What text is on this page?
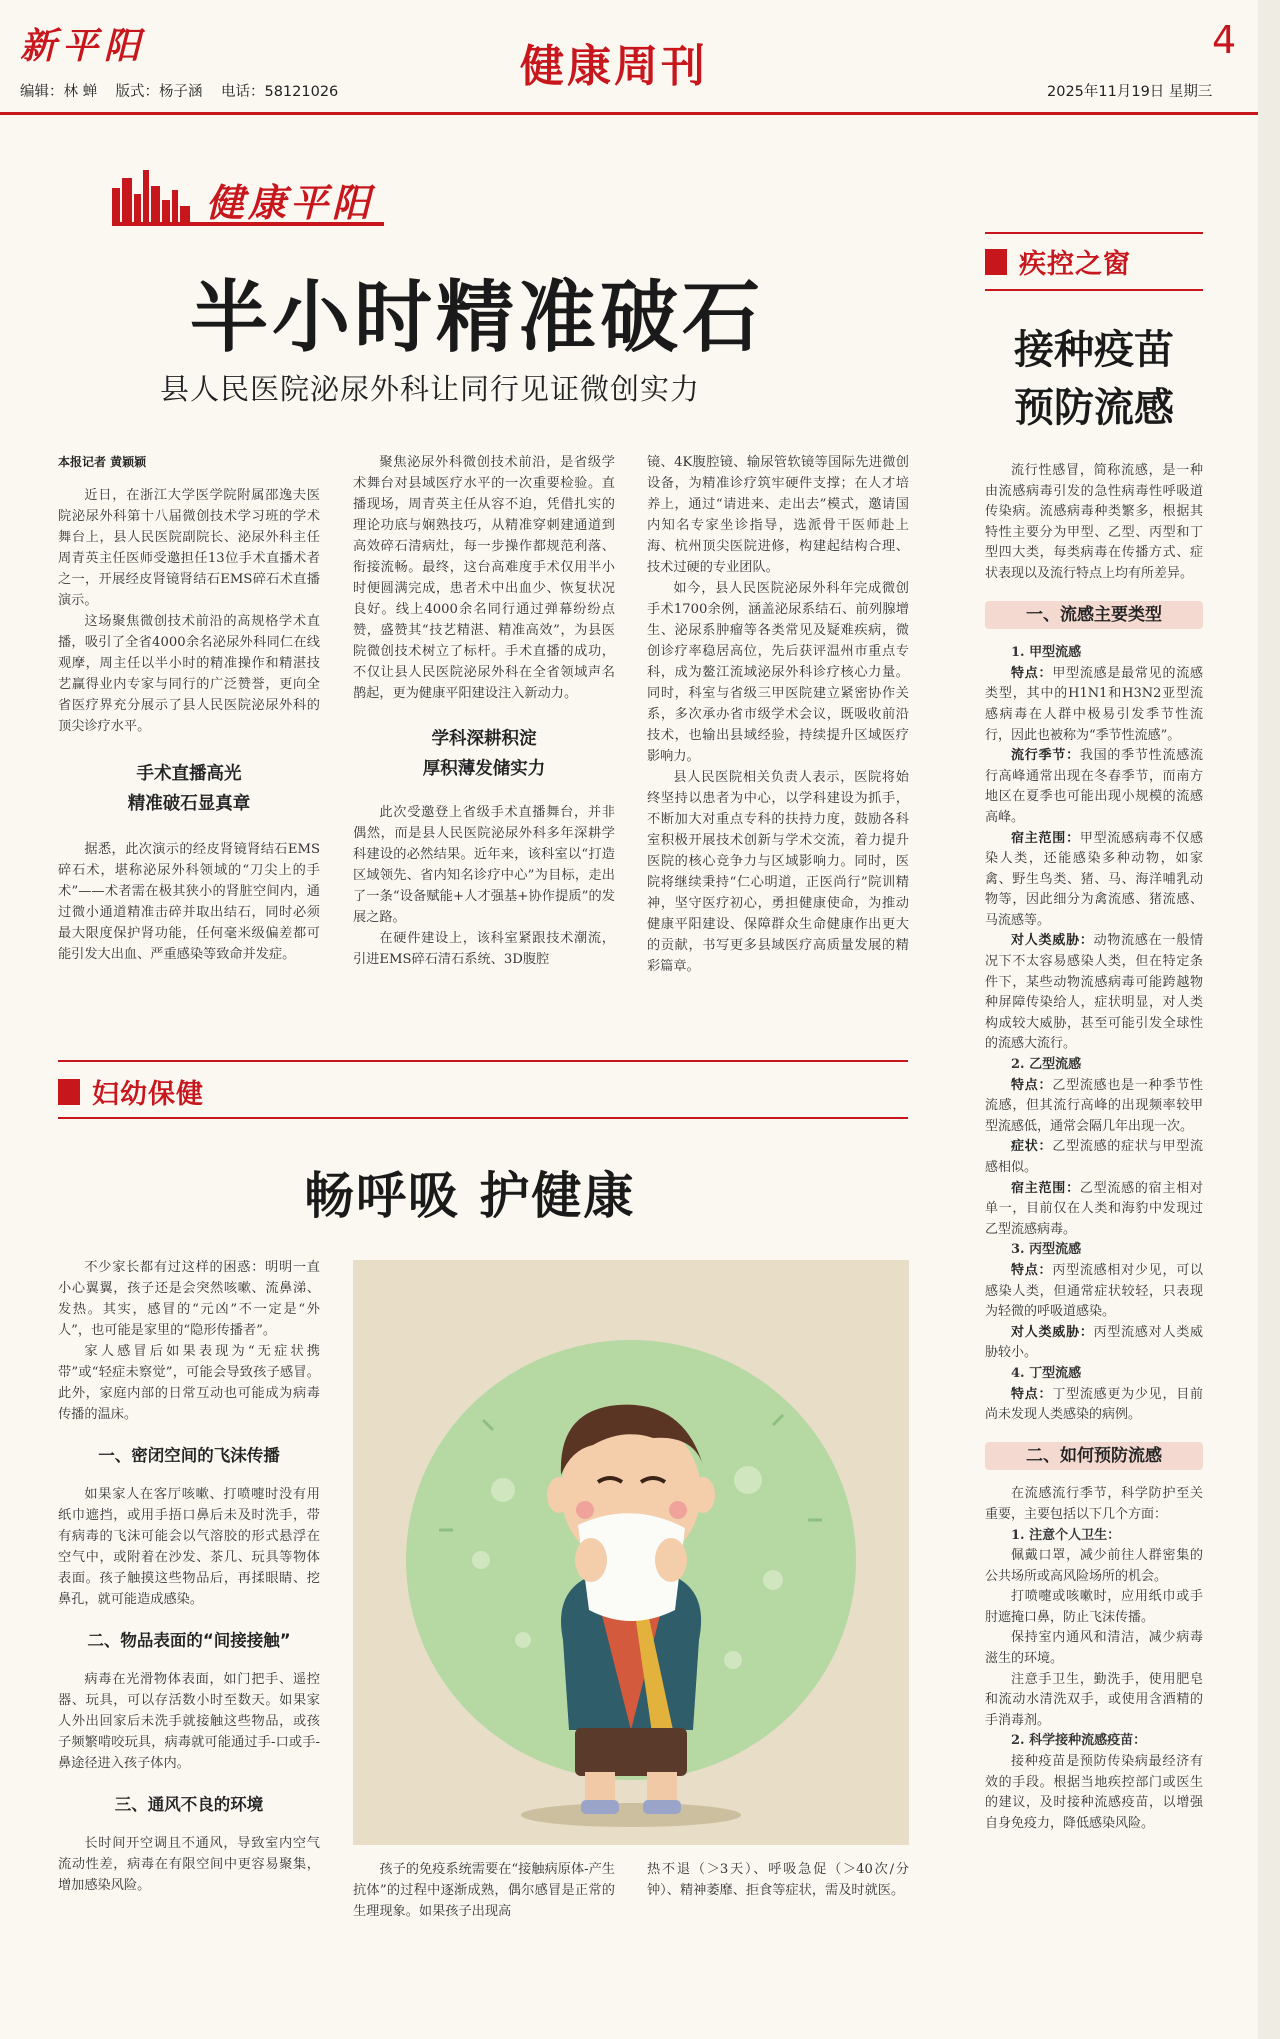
新平阳
编辑：林 蝉 版式：杨子涵 电话：58121026	健康周刊
4
2025年11月19日 星期三
健康平阳
半小时精准破石
县人民医院泌尿外科让同行见证微创实力

本报记者 黄颖颖

近日，在浙江大学医学院附属邵逸夫医院泌尿外科第十八届微创技术学习班的学术舞台上，县人民医院副院长、泌尿外科主任周青英主任医师受邀担任13位手术直播术者之一，开展经皮肾镜肾结石EMS碎石术直播演示。

这场聚焦微创技术前沿的高规格学术直播，吸引了全省4000余名泌尿外科同仁在线观摩，周主任以半小时的精准操作和精湛技艺赢得业内专家与同行的广泛赞誉，更向全省医疗界充分展示了县人民医院泌尿外科的顶尖诊疗水平。

手术直播高光
精准破石显真章

据悉，此次演示的经皮肾镜肾结石EMS碎石术，堪称泌尿外科领域的“刀尖上的手术”——术者需在极其狭小的肾脏空间内，通过微小通道精准击碎并取出结石，同时必须最大限度保护肾功能，任何毫米级偏差都可能引发大出血、严重感染等致命并发症。

聚焦泌尿外科微创技术前沿，是省级学术舞台对县域医疗水平的一次重要检验。直播现场，周青英主任从容不迫，凭借扎实的理论功底与娴熟技巧，从精准穿刺建通道到高效碎石清病灶，每一步操作都规范利落、衔接流畅。最终，这台高难度手术仅用半小时便圆满完成，患者术中出血少、恢复状况良好。线上4000余名同行通过弹幕纷纷点赞，盛赞其“技艺精湛、精准高效”，为县医院微创技术树立了标杆。手术直播的成功，不仅让县人民医院泌尿外科在全省领域声名鹊起，更为健康平阳建设注入新动力。

学科深耕积淀
厚积薄发储实力

此次受邀登上省级手术直播舞台，并非偶然，而是县人民医院泌尿外科多年深耕学科建设的必然结果。近年来，该科室以“打造区域领先、省内知名诊疗中心”为目标，走出了一条“设备赋能+人才强基+协作提质”的发展之路。

在硬件建设上，该科室紧跟技术潮流，引进EMS碎石清石系统、3D腹腔

镜、4K腹腔镜、输尿管软镜等国际先进微创设备，为精准诊疗筑牢硬件支撑；在人才培养上，通过“请进来、走出去”模式，邀请国内知名专家坐诊指导，选派骨干医师赴上海、杭州顶尖医院进修，构建起结构合理、技术过硬的专业团队。

如今，县人民医院泌尿外科年完成微创手术1700余例，涵盖泌尿系结石、前列腺增生、泌尿系肿瘤等各类常见及疑难疾病，微创诊疗率稳居高位，先后获评温州市重点专科，成为鳌江流域泌尿外科诊疗核心力量。同时，科室与省级三甲医院建立紧密协作关系，多次承办省市级学术会议，既吸收前沿技术，也输出县域经验，持续提升区域医疗影响力。

县人民医院相关负责人表示，医院将始终坚持以患者为中心，以学科建设为抓手，不断加大对重点专科的扶持力度，鼓励各科室积极开展技术创新与学术交流，着力提升医院的核心竞争力与区域影响力。同时，医院将继续秉持“仁心明道，正医尚行”院训精神，坚守医疗初心，勇担健康使命，为推动健康平阳建设、保障群众生命健康作出更大的贡献，书写更多县域医疗高质量发展的精彩篇章。

妇幼保健
畅呼吸 护健康

不少家长都有过这样的困惑：明明一直小心翼翼，孩子还是会突然咳嗽、流鼻涕、发热。其实，感冒的“元凶”不一定是“外人”，也可能是家里的“隐形传播者”。

家人感冒后如果表现为“无症状携带”或“轻症未察觉”，可能会导致孩子感冒。此外，家庭内部的日常互动也可能成为病毒传播的温床。

一、密闭空间的飞沫传播

如果家人在客厅咳嗽、打喷嚏时没有用纸巾遮挡，或用手捂口鼻后未及时洗手，带有病毒的飞沫可能会以气溶胶的形式悬浮在空气中，或附着在沙发、茶几、玩具等物体表面。孩子触摸这些物品后，再揉眼睛、挖鼻孔，就可能造成感染。

二、物品表面的“间接接触”

病毒在光滑物体表面，如门把手、遥控器、玩具，可以存活数小时至数天。如果家人外出回家后未洗手就接触这些物品，或孩子频繁啃咬玩具，病毒就可能通过手-口或手-鼻途径进入孩子体内。

三、通风不良的环境

长时间开空调且不通风，导致室内空气流动性差，病毒在有限空间中更容易聚集，增加感染风险。

孩子的免疫系统需要在“接触病原体-产生抗体”的过程中逐渐成熟，偶尔感冒是正常的生理现象。如果孩子出现高

热不退（＞3天）、呼吸急促（＞40次/分钟）、精神萎靡、拒食等症状，需及时就医。

疾控之窗
接种疫苗
预防流感

流行性感冒，简称流感，是一种由流感病毒引发的急性病毒性呼吸道传染病。流感病毒种类繁多，根据其特性主要分为甲型、乙型、丙型和丁型四大类，每类病毒在传播方式、症状表现以及流行特点上均有所差异。

一、流感主要类型

1. 甲型流感

特点：甲型流感是最常见的流感类型，其中的H1N1和H3N2亚型流感病毒在人群中极易引发季节性流行，因此也被称为“季节性流感”。

流行季节：我国的季节性流感流行高峰通常出现在冬春季节，而南方地区在夏季也可能出现小规模的流感高峰。

宿主范围：甲型流感病毒不仅感染人类，还能感染多种动物，如家禽、野生鸟类、猪、马、海洋哺乳动物等，因此细分为禽流感、猪流感、马流感等。

对人类威胁：动物流感在一般情况下不太容易感染人类，但在特定条件下，某些动物流感病毒可能跨越物种屏障传染给人，症状明显，对人类构成较大威胁，甚至可能引发全球性的流感大流行。

2. 乙型流感

特点：乙型流感也是一种季节性流感，但其流行高峰的出现频率较甲型流感低，通常会隔几年出现一次。

症状：乙型流感的症状与甲型流感相似。

宿主范围：乙型流感的宿主相对单一，目前仅在人类和海豹中发现过乙型流感病毒。

3. 丙型流感

特点：丙型流感相对少见，可以感染人类，但通常症状较轻，只表现为轻微的呼吸道感染。

对人类威胁：丙型流感对人类威胁较小。

4. 丁型流感

特点：丁型流感更为少见，目前尚未发现人类感染的病例。

二、如何预防流感

在流感流行季节，科学防护至关重要，主要包括以下几个方面：

1. 注意个人卫生：

佩戴口罩，减少前往人群密集的公共场所或高风险场所的机会。

打喷嚏或咳嗽时，应用纸巾或手肘遮掩口鼻，防止飞沫传播。

保持室内通风和清洁，减少病毒滋生的环境。

注意手卫生，勤洗手，使用肥皂和流动水清洗双手，或使用含酒精的手消毒剂。

2. 科学接种流感疫苗：

接种疫苗是预防传染病最经济有效的手段。根据当地疾控部门或医生的建议，及时接种流感疫苗，以增强自身免疫力，降低感染风险。
